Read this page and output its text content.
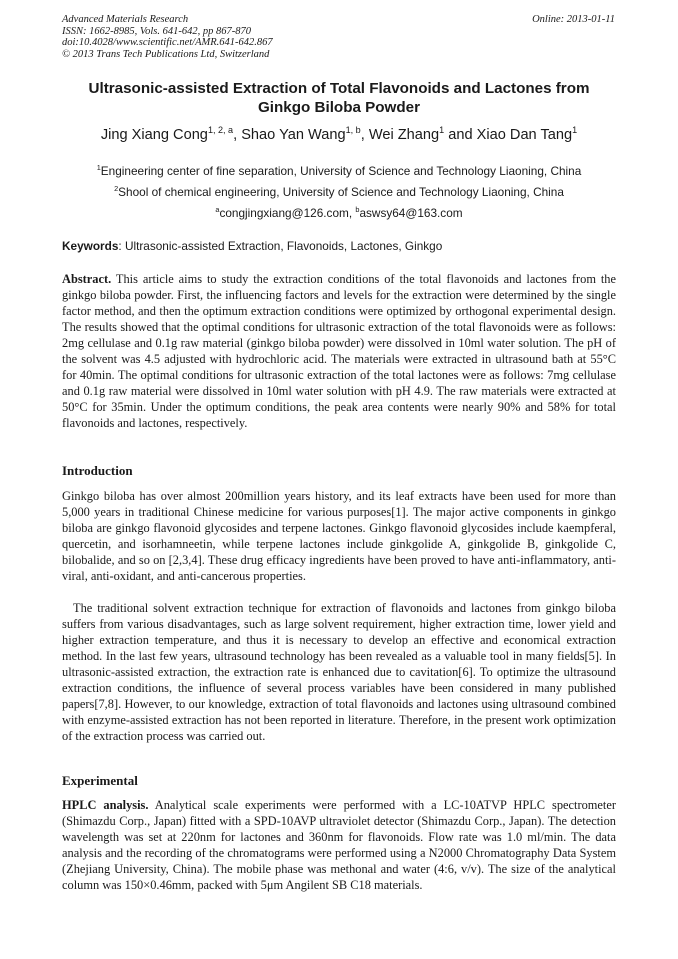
Advanced Materials Research
ISSN: 1662-8985, Vols. 641-642, pp 867-870
doi:10.4028/www.scientific.net/AMR.641-642.867
© 2013 Trans Tech Publications Ltd, Switzerland
Online: 2013-01-11
Ultrasonic-assisted Extraction of Total Flavonoids and Lactones from
Ginkgo Biloba Powder
Jing Xiang Cong$^{1, 2, a}$, Shao Yan Wang$^{1, b}$, Wei Zhang$^1$ and Xiao Dan Tang$^1$
$^1$Engineering center of fine separation, University of Science and Technology Liaoning, China
$^2$Shool of chemical engineering, University of Science and Technology Liaoning, China
$^a$congjingxiang@126.com, $^b$aswsy64@163.com
Keywords: Ultrasonic-assisted Extraction, Flavonoids, Lactones, Ginkgo
Abstract. This article aims to study the extraction conditions of the total flavonoids and lactones from the ginkgo biloba powder. First, the influencing factors and levels for the extraction were determined by the single factor method, and then the optimum extraction conditions were optimized by orthogonal experimental design. The results showed that the optimal conditions for ultrasonic extraction of the total flavonoids were as follows: 2mg cellulase and 0.1g raw material (ginkgo biloba powder) were dissolved in 10ml water solution. The pH of the solvent was 4.5 adjusted with hydrochloric acid. The materials were extracted in ultrasound bath at 55°C for 40min. The optimal conditions for ultrasonic extraction of the total lactones were as follows: 7mg cellulase and 0.1g raw material were dissolved in 10ml water solution with pH 4.9. The raw materials were extracted at 50°C for 35min. Under the optimum conditions, the peak area contents were nearly 90% and 58% for total flavonoids and lactones, respectively.
Introduction
Ginkgo biloba has over almost 200million years history, and its leaf extracts have been used for more than 5,000 years in traditional Chinese medicine for various purposes[1]. The major active components in ginkgo biloba are ginkgo flavonoid glycosides and terpene lactones. Ginkgo flavonoid glycosides include kaempferal, quercetin, and isorhamneetin, while terpene lactones include ginkgolide A, ginkgolide B, ginkgolide C, bilobalide, and so on [2,3,4]. These drug efficacy ingredients have been proved to have anti-inflammatory, anti-viral, anti-oxidant, and anti-cancerous properties.
The traditional solvent extraction technique for extraction of flavonoids and lactones from ginkgo biloba suffers from various disadvantages, such as large solvent requirement, higher extraction time, lower yield and higher extraction temperature, and thus it is necessary to develop an effective and economical extraction method. In the last few years, ultrasound technology has been revealed as a valuable tool in many fields[5]. In ultrasonic-assisted extraction, the extraction rate is enhanced due to cavitation[6]. To optimize the ultrasound extraction conditions, the influence of several process variables have been considered in many published papers[7,8]. However, to our knowledge, extraction of total flavonoids and lactones using ultrasound combined with enzyme-assisted extraction has not been reported in literature. Therefore, in the present work optimization of the extraction process was carried out.
Experimental
HPLC analysis. Analytical scale experiments were performed with a LC-10ATVP HPLC spectrometer (Shimazdu Corp., Japan) fitted with a SPD-10AVP ultraviolet detector (Shimazdu Corp., Japan). The detection wavelength was set at 220nm for lactones and 360nm for flavonoids. Flow rate was 1.0 ml/min. The data analysis and the recording of the chromatograms were performed using a N2000 Chromatography Data System (Zhejiang University, China). The mobile phase was methonal and water (4:6, v/v). The size of the analytical column was 150×0.46mm, packed with 5μm Angilent SB C18 materials.
